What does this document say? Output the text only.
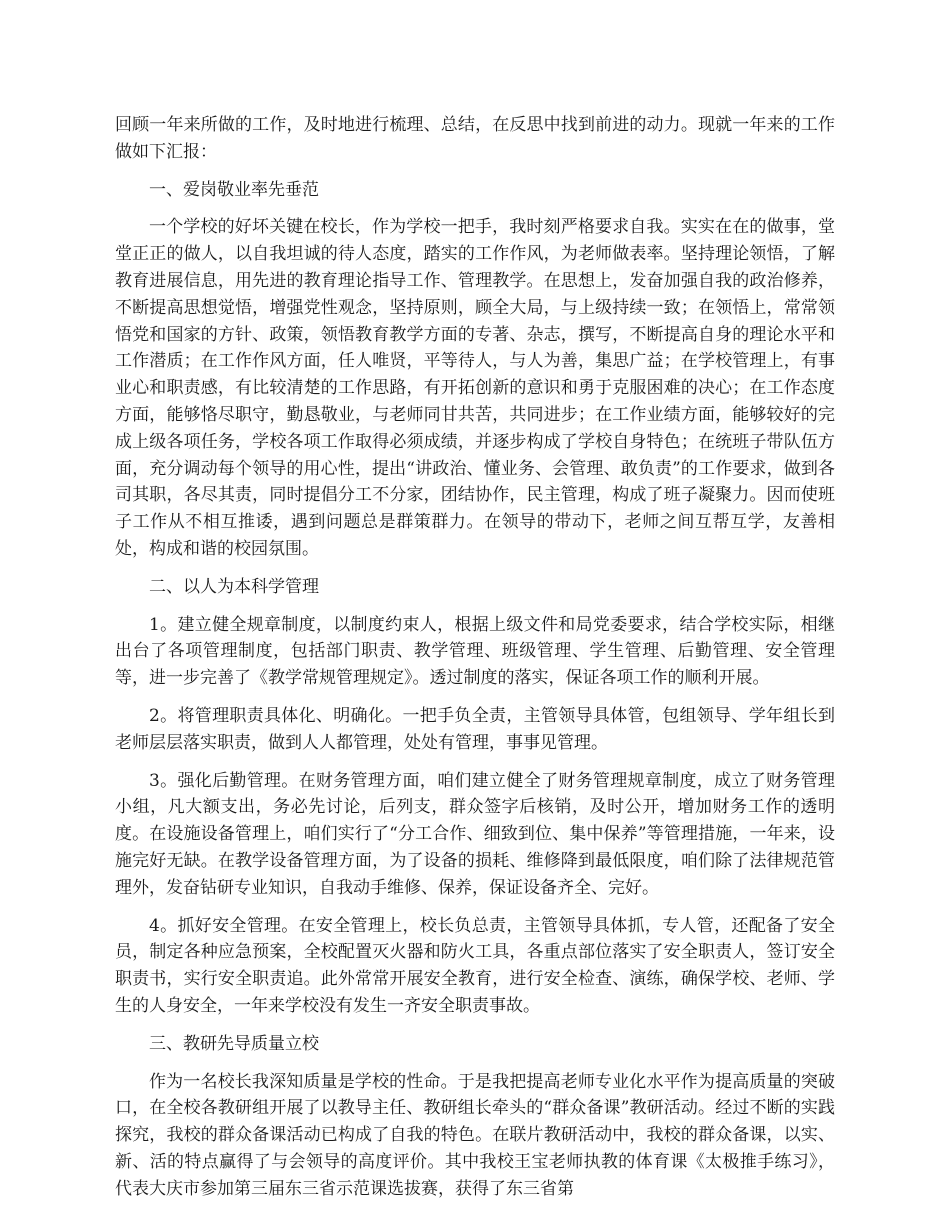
回顾一年来所做的工作，及时地进行梳理、总结，在反思中找到前进的动力。现就一年来的工作做如下汇报：

一、爱岗敬业率先垂范

一个学校的好坏关键在校长，作为学校一把手，我时刻严格要求自我。实实在在的做事，堂堂正正的做人，以自我坦诚的待人态度，踏实的工作作风，为老师做表率。坚持理论领悟，了解教育进展信息，用先进的教育理论指导工作、管理教学。在思想上，发奋加强自我的政治修养，不断提高思想觉悟，增强党性观念，坚持原则，顾全大局，与上级持续一致；在领悟上，常常领悟党和国家的方针、政策，领悟教育教学方面的专著、杂志，撰写，不断提高自身的理论水平和工作潜质；在工作作风方面，任人唯贤，平等待人，与人为善，集思广益；在学校管理上，有事业心和职责感，有比较清楚的工作思路，有开拓创新的意识和勇于克服困难的决心；在工作态度方面，能够恪尽职守，勤恳敬业，与老师同甘共苦，共同进步；在工作业绩方面，能够较好的完成上级各项任务，学校各项工作取得必须成绩，并逐步构成了学校自身特色；在统班子带队伍方面，充分调动每个领导的用心性，提出“讲政治、懂业务、会管理、敢负责”的工作要求，做到各司其职，各尽其责，同时提倡分工不分家，团结协作，民主管理，构成了班子凝聚力。因而使班子工作从不相互推诿，遇到问题总是群策群力。在领导的带动下，老师之间互帮互学，友善相处，构成和谐的校园氛围。

二、以人为本科学管理

1。建立健全规章制度，以制度约束人，根据上级文件和局党委要求，结合学校实际，相继出台了各项管理制度，包括部门职责、教学管理、班级管理、学生管理、后勤管理、安全管理等，进一步完善了《教学常规管理规定》。透过制度的落实，保证各项工作的顺利开展。

2。将管理职责具体化、明确化。一把手负全责，主管领导具体管，包组领导、学年组长到老师层层落实职责，做到人人都管理，处处有管理，事事见管理。

3。强化后勤管理。在财务管理方面，咱们建立健全了财务管理规章制度，成立了财务管理小组，凡大额支出，务必先讨论，后列支，群众签字后核销，及时公开，增加财务工作的透明度。在设施设备管理上，咱们实行了“分工合作、细致到位、集中保养”等管理措施，一年来，设施完好无缺。在教学设备管理方面，为了设备的损耗、维修降到最低限度，咱们除了法律规范管理外，发奋钻研专业知识，自我动手维修、保养，保证设备齐全、完好。

4。抓好安全管理。在安全管理上，校长负总责，主管领导具体抓，专人管，还配备了安全员，制定各种应急预案，全校配置灭火器和防火工具，各重点部位落实了安全职责人，签订安全职责书，实行安全职责追。此外常常开展安全教育，进行安全检查、演练，确保学校、老师、学生的人身安全，一年来学校没有发生一齐安全职责事故。

三、教研先导质量立校

作为一名校长我深知质量是学校的性命。于是我把提高老师专业化水平作为提高质量的突破口，在全校各教研组开展了以教导主任、教研组长牵头的“群众备课”教研活动。经过不断的实践探究，我校的群众备课活动已构成了自我的特色。在联片教研活动中，我校的群众备课，以实、新、活的特点赢得了与会领导的高度评价。其中我校王宝老师执教的体育课《太极推手练习》，代表大庆市参加第三届东三省示范课选拔赛，获得了东三省第
